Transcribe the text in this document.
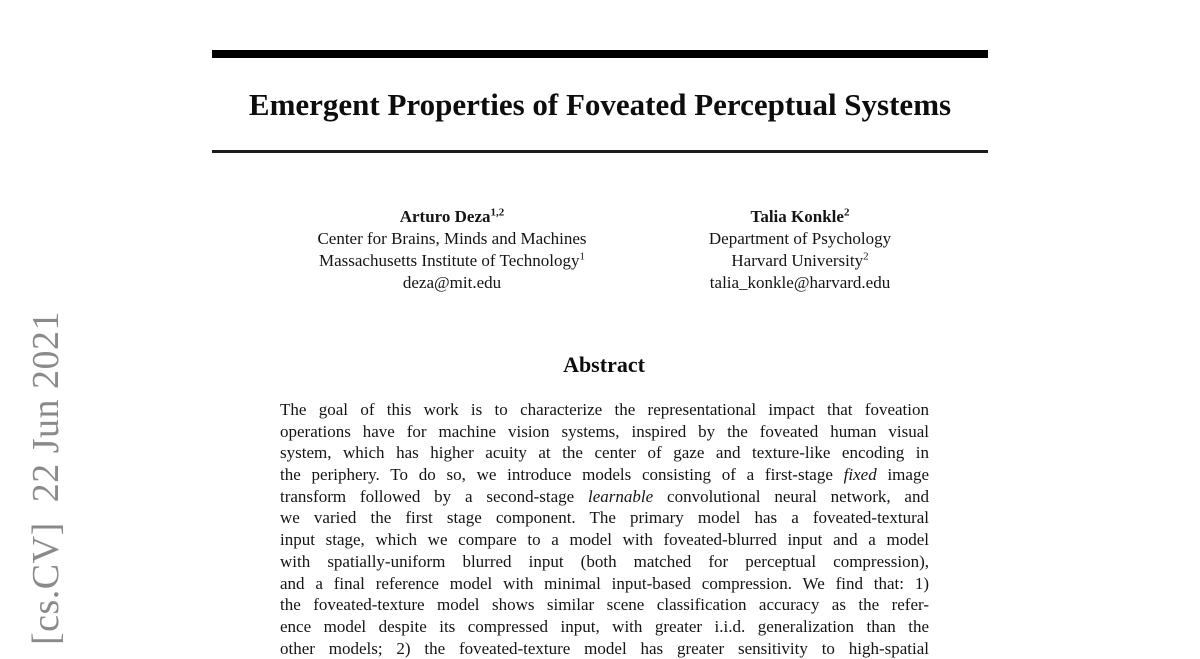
[cs.CV]  22 Jun 2021
Emergent Properties of Foveated Perceptual Systems
Arturo Deza$^{1,2}$
Center for Brains, Minds and Machines
Massachusetts Institute of Technology$^1$
deza@mit.edu
Talia Konkle$^2$
Department of Psychology
Harvard University$^2$
talia_konkle@harvard.edu
Abstract
The goal of this work is to characterize the representational impact that foveation
operations have for machine vision systems, inspired by the foveated human visual
system, which has higher acuity at the center of gaze and texture-like encoding in
the periphery. To do so, we introduce models consisting of a first-stage fixed image
transform followed by a second-stage learnable convolutional neural network, and
we varied the first stage component. The primary model has a foveated-textural
input stage, which we compare to a model with foveated-blurred input and a model
with spatially-uniform blurred input (both matched for perceptual compression),
and a final reference model with minimal input-based compression. We find that: 1)
the foveated-texture model shows similar scene classification accuracy as the refer-
ence model despite its compressed input, with greater i.i.d. generalization than the
other models; 2) the foveated-texture model has greater sensitivity to high-spatial
